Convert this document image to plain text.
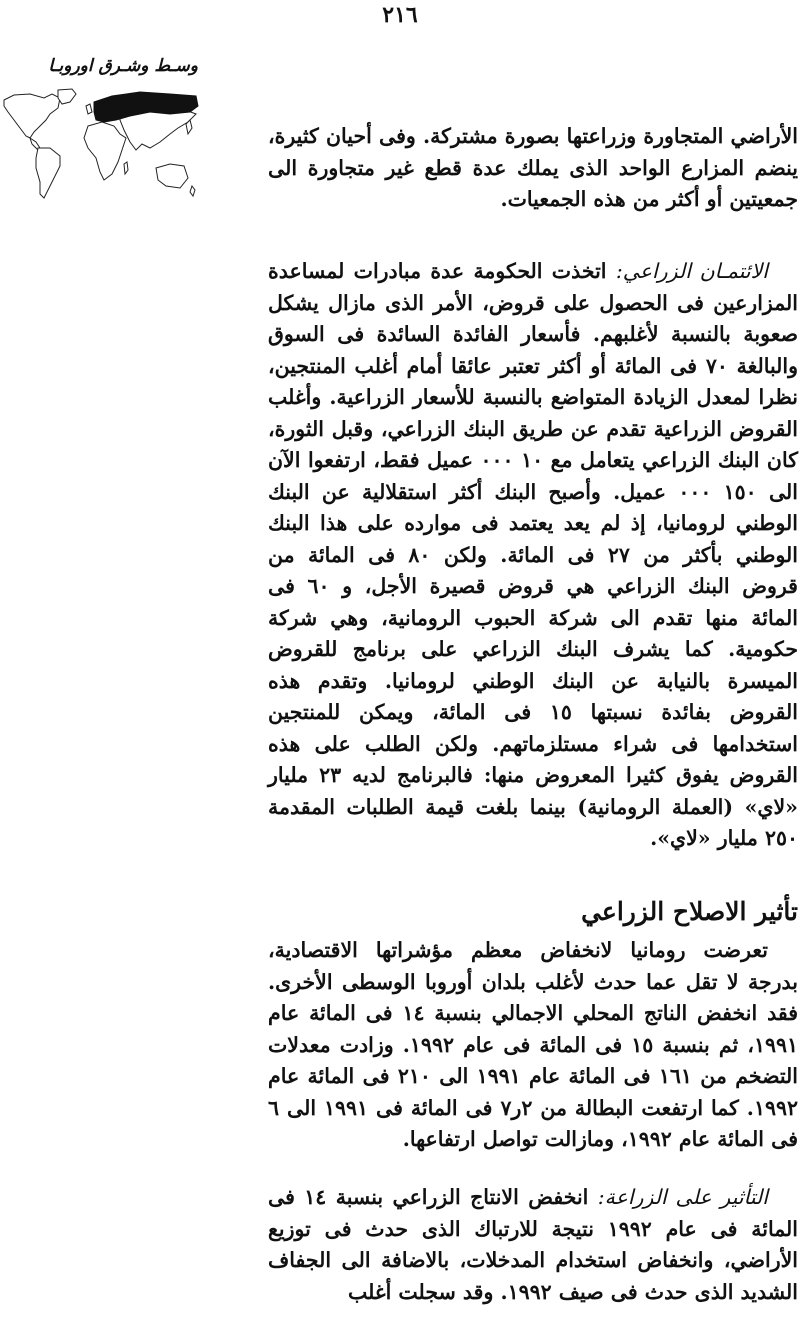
٢١٦
وسـط وشـرق اوروبـا

الأراضي المتجاورة وزراعتها بصورة مشتركة. وفى أحيان كثيرة، ينضم المزارع الواحد الذى يملك عدة قطع غير متجاورة الى جمعيتين أو أكثر من هذه الجمعيات.

الائتمـان الزراعي: اتخذت الحكومة عدة مبادرات لمساعدة المزارعين فى الحصول على قروض، الأمر الذى مازال يشكل صعوبة بالنسبة لأغلبهم. فأسعار الفائدة السائدة فى السوق والبالغة ٧٠ فى المائة أو أكثر تعتبر عائقا أمام أغلب المنتجين، نظرا لمعدل الزيادة المتواضع بالنسبة للأسعار الزراعية. وأغلب القروض الزراعية تقدم عن طريق البنك الزراعي، وقبل الثورة، كان البنك الزراعي يتعامل مع ١٠ ٠٠٠ عميل فقط، ارتفعوا الآن الى ١٥٠ ٠٠٠ عميل. وأصبح البنك أكثر استقلالية عن البنك الوطني لرومانيا، إذ لم يعد يعتمد فى موارده على هذا البنك الوطني بأكثر من ٢٧ فى المائة. ولكن ٨٠ فى المائة من قروض البنك الزراعي هي قروض قصيرة الأجل، و ٦٠ فى المائة منها تقدم الى شركة الحبوب الرومانية، وهي شركة حكومية. كما يشرف البنك الزراعي على برنامج للقروض الميسرة بالنيابة عن البنك الوطني لرومانيا. وتقدم هذه القروض بفائدة نسبتها ١٥ فى المائة، ويمكن للمنتجين استخدامها فى شراء مستلزماتهم. ولكن الطلب على هذه القروض يفوق كثيرا المعروض منها: فالبرنامج لديه ٢٣ مليار «لاي» (العملة الرومانية) بينما بلغت قيمة الطلبات المقدمة ٢٥٠ مليار «لاي».

تأثير الاصلاح الزراعي

تعرضت رومانيا لانخفاض معظم مؤشراتها الاقتصادية، بدرجة لا تقل عما حدث لأغلب بلدان أوروبا الوسطى الأخرى. فقد انخفض الناتج المحلي الاجمالي بنسبة ١٤ فى المائة عام ١٩٩١، ثم بنسبة ١٥ فى المائة فى عام ١٩٩٢. وزادت معدلات التضخم من ١٦١ فى المائة عام ١٩٩١ الى ٢١٠ فى المائة عام ١٩٩٢. كما ارتفعت البطالة من ٢ر٧ فى المائة فى ١٩٩١ الى ٦ فى المائة عام ١٩٩٢، ومازالت تواصل ارتفاعها.

التأثير على الزراعة: انخفض الانتاج الزراعي بنسبة ١٤ فى المائة فى عام ١٩٩٢ نتيجة للارتباك الذى حدث فى توزيع الأراضي، وانخفاض استخدام المدخلات، بالاضافة الى الجفاف الشديد الذى حدث فى صيف ١٩٩٢. وقد سجلت أغلب
